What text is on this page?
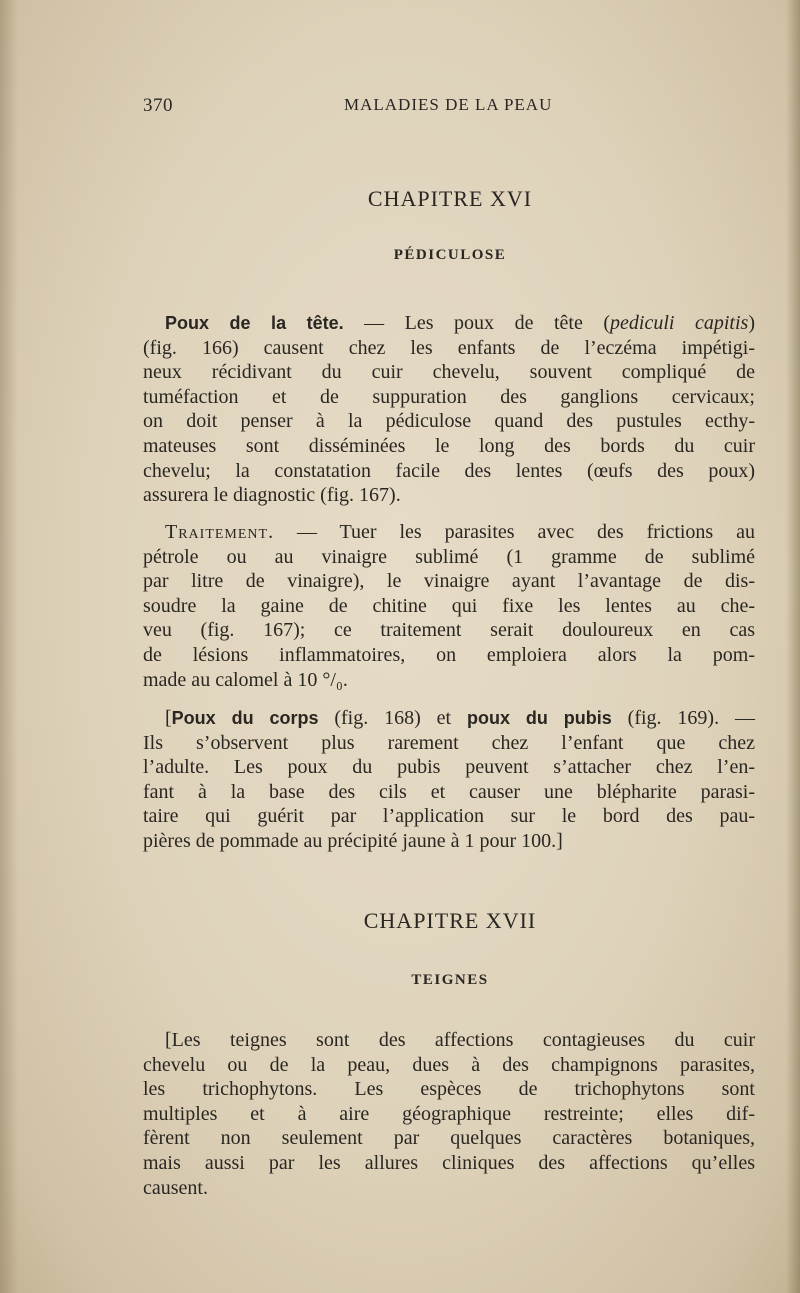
370	MALADIES DE LA PEAU
CHAPITRE XVI
PÉDICULOSE
Poux de la tête. — Les poux de tête (pediculi capitis)
(fig. 166) causent chez les enfants de l’eczéma impétigi-
neux récidivant du cuir chevelu, souvent compliqué de
tuméfaction et de suppuration des ganglions cervicaux;
on doit penser à la pédiculose quand des pustules ecthy-
mateuses sont disséminées le long des bords du cuir
chevelu; la constatation facile des lentes (œufs des poux)
assurera le diagnostic (fig. 167).
Traitement. — Tuer les parasites avec des frictions au
pétrole ou au vinaigre sublimé (1 gramme de sublimé
par litre de vinaigre), le vinaigre ayant l’avantage de dis-
soudre la gaine de chitine qui fixe les lentes au che-
veu (fig. 167); ce traitement serait douloureux en cas
de lésions inflammatoires, on emploiera alors la pom-
made au calomel à 10 °/₀.
[Poux du corps (fig. 168) et poux du pubis (fig. 169). —
Ils s’observent plus rarement chez l’enfant que chez
l’adulte. Les poux du pubis peuvent s’attacher chez l’en-
fant à la base des cils et causer une blépharite parasi-
taire qui guérit par l’application sur le bord des pau-
pières de pommade au précipité jaune à 1 pour 100.]
CHAPITRE XVII
TEIGNES
[Les teignes sont des affections contagieuses du cuir
chevelu ou de la peau, dues à des champignons parasites,
les trichophytons. Les espèces de trichophytons sont
multiples et à aire géographique restreinte; elles dif-
fèrent non seulement par quelques caractères botaniques,
mais aussi par les allures cliniques des affections qu’elles
causent.
